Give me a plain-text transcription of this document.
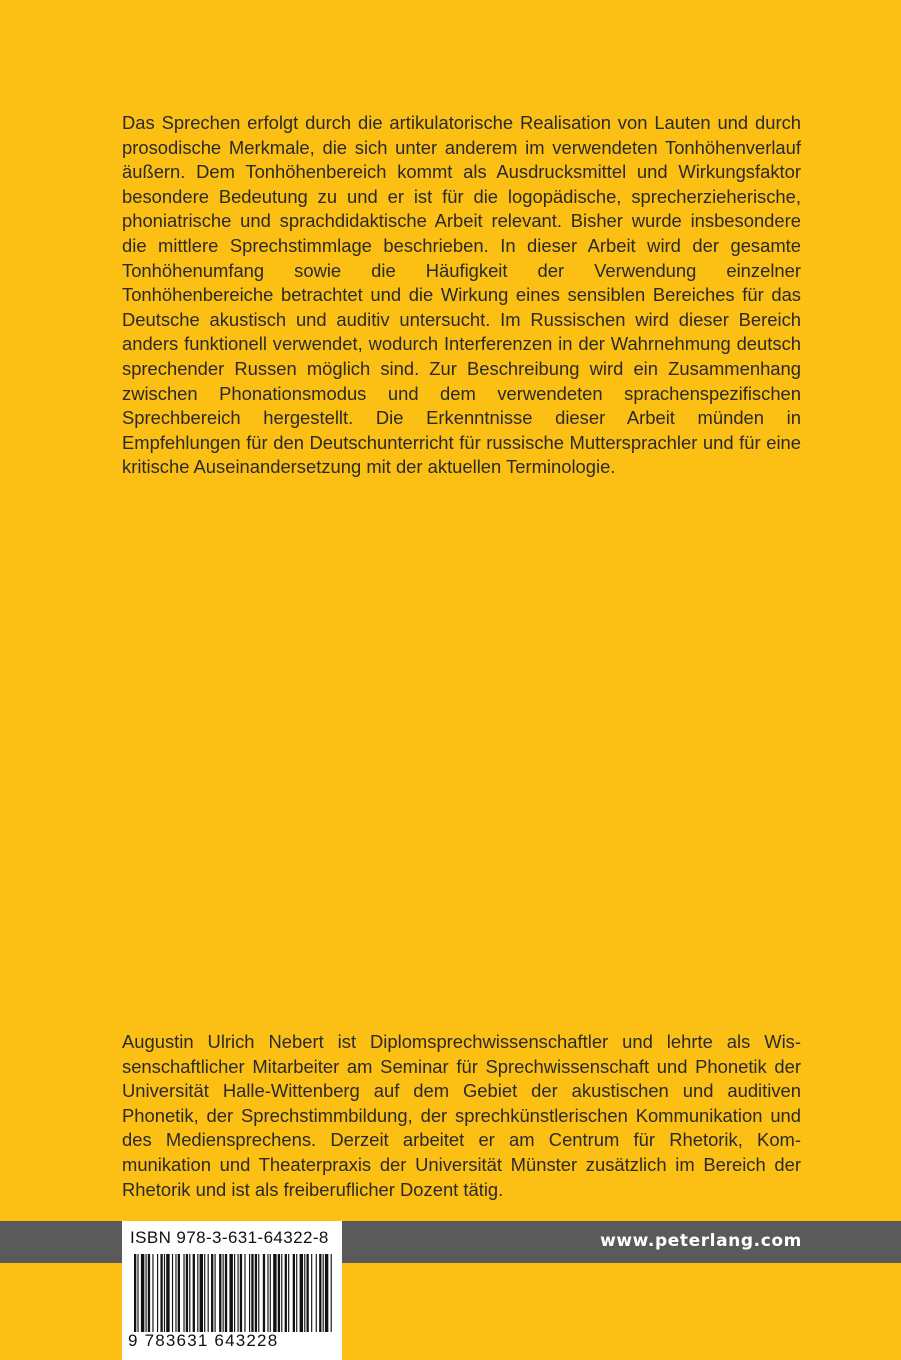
Das Sprechen erfolgt durch die artikulatorische Realisation von Lauten und durch prosodische Merkmale, die sich unter anderem im verwendeten Tonhöhenverlauf äußern. Dem Tonhöhenbereich kommt als Ausdrucksmittel und Wirkungsfaktor besondere Bedeutung zu und er ist für die logopädische, sprecherzieherische, phoniatrische und sprachdidaktische Arbeit relevant. Bisher wurde insbesondere die mittlere Sprechstimmlage beschrieben. In dieser Arbeit wird der gesamte Tonhöhenumfang sowie die Häufigkeit der Verwendung einzelner Tonhöhenbereiche betrachtet und die Wirkung eines sensiblen Bereiches für das Deutsche akustisch und auditiv untersucht. Im Russischen wird dieser Bereich anders funktionell verwendet, wodurch Interferenzen in der Wahrnehmung deutsch sprechender Russen möglich sind. Zur Beschreibung wird ein Zusammenhang zwischen Phonationsmodus und dem verwendeten sprachenspezifischen Sprechbereich hergestellt. Die Erkenntnisse dieser Arbeit münden in Empfehlungen für den Deutschunterricht für russische Muttersprachler und für eine kritische Auseinandersetzung mit der aktuellen Terminologie.

Augustin Ulrich Nebert ist Diplomsprechwissenschaftler und lehrte als Wissenschaftlicher Mitarbeiter am Seminar für Sprechwissenschaft und Phonetik der Universität Halle-Wittenberg auf dem Gebiet der akustischen und auditiven Phonetik, der Sprechstimmbildung, der sprechkünstlerischen Kommunikation und des Mediensprechens. Derzeit arbeitet er am Centrum für Rhetorik, Kommunikation und Theaterpraxis der Universität Münster zusätzlich im Bereich der Rhetorik und ist als freiberuflicher Dozent tätig.

www.peterlang.com
ISBN 978-3-631-64322-8
9 783631 643228
